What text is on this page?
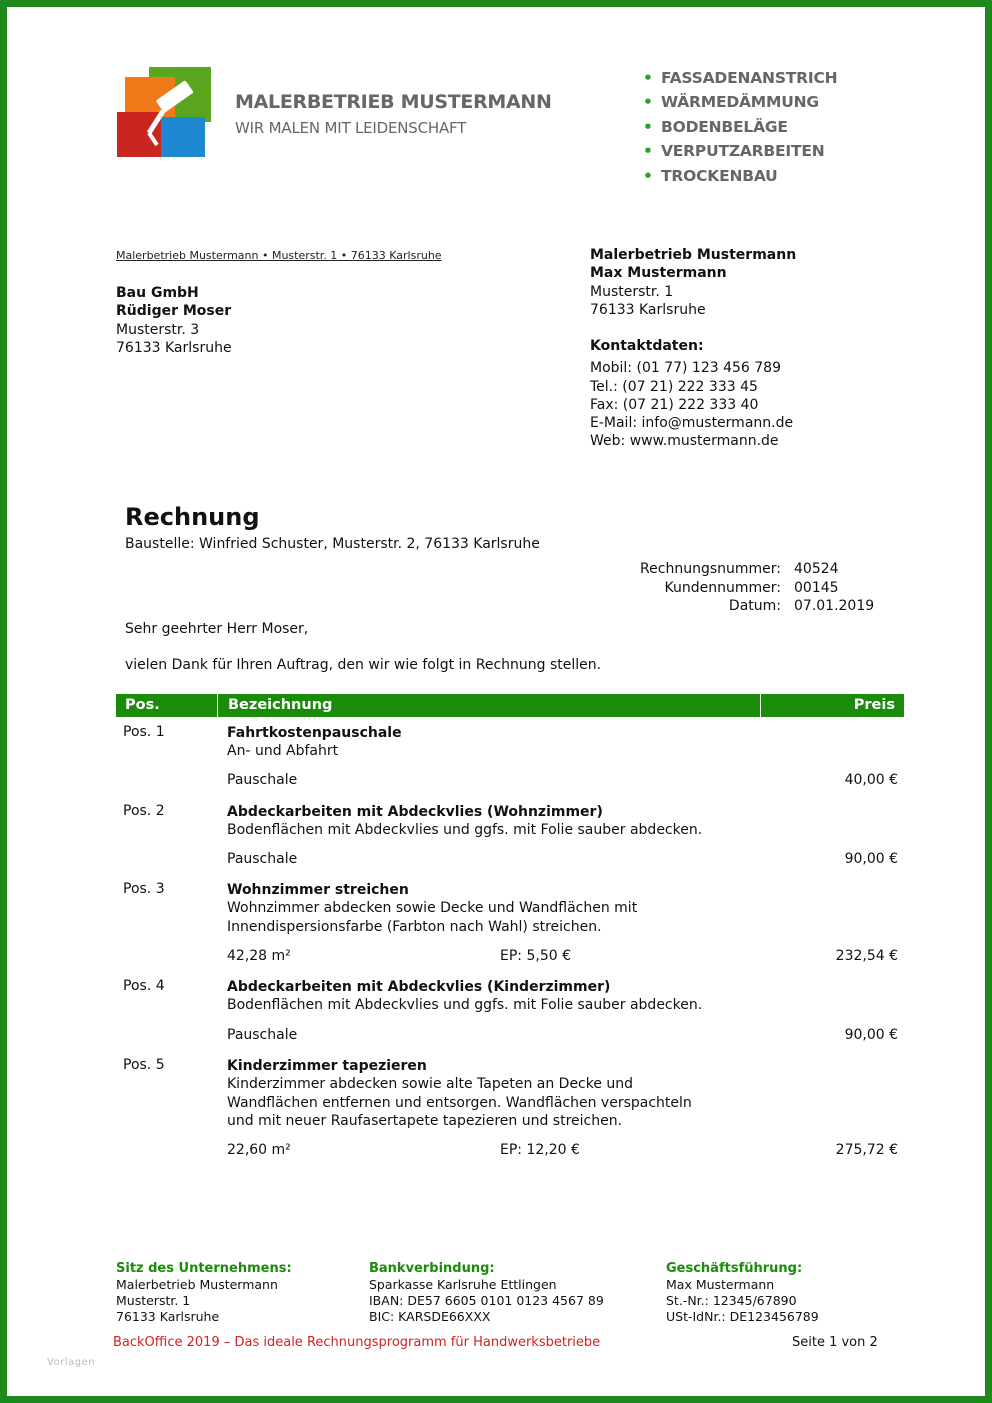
MALERBETRIEB MUSTERMANN
WIR MALEN MIT LEIDENSCHAFT
• FASSADENANSTRICH
• WÄRMEDÄMMUNG
• BODENBELÄGE
• VERPUTZARBEITEN
• TROCKENBAU
Malerbetrieb Mustermann • Musterstr. 1 • 76133 Karlsruhe
Bau GmbH
Rüdiger Moser
Musterstr. 3
76133 Karlsruhe
Malerbetrieb Mustermann
Max Mustermann
Musterstr. 1
76133 Karlsruhe
Kontaktdaten:
Mobil: (01 77) 123 456 789
Tel.: (07 21) 222 333 45
Fax: (07 21) 222 333 40
E-Mail: info@mustermann.de
Web: www.mustermann.de
Rechnung
Baustelle: Winfried Schuster, Musterstr. 2, 76133 Karlsruhe
Rechnungsnummer: 40524
Kundennummer: 00145
Datum: 07.01.2019
Sehr geehrter Herr Moser,
vielen Dank für Ihren Auftrag, den wir wie folgt in Rechnung stellen.
Pos.	Bezeichnung	Preis
Pos. 1	Fahrtkostenpauschale
An- und Abfahrt
Pauschale	40,00 €
Pos. 2	Abdeckarbeiten mit Abdeckvlies (Wohnzimmer)
Bodenflächen mit Abdeckvlies und ggfs. mit Folie sauber abdecken.
Pauschale	90,00 €
Pos. 3	Wohnzimmer streichen
Wohnzimmer abdecken sowie Decke und Wandflächen mit
Innendispersionsfarbe (Farbton nach Wahl) streichen.
42,28 m²	EP: 5,50 €	232,54 €
Pos. 4	Abdeckarbeiten mit Abdeckvlies (Kinderzimmer)
Bodenflächen mit Abdeckvlies und ggfs. mit Folie sauber abdecken.
Pauschale	90,00 €
Pos. 5	Kinderzimmer tapezieren
Kinderzimmer abdecken sowie alte Tapeten an Decke und
Wandflächen entfernen und entsorgen. Wandflächen verspachteln
und mit neuer Raufasertapete tapezieren und streichen.
22,60 m²	EP: 12,20 €	275,72 €
Sitz des Unternehmens:
Malerbetrieb Mustermann
Musterstr. 1
76133 Karlsruhe
Bankverbindung:
Sparkasse Karlsruhe Ettlingen
IBAN: DE57 6605 0101 0123 4567 89
BIC: KARSDE66XXX
Geschäftsführung:
Max Mustermann
St.-Nr.: 12345/67890
USt-IdNr.: DE123456789
BackOffice 2019 – Das ideale Rechnungsprogramm für Handwerksbetriebe	Seite 1 von 2
Vorlagen
